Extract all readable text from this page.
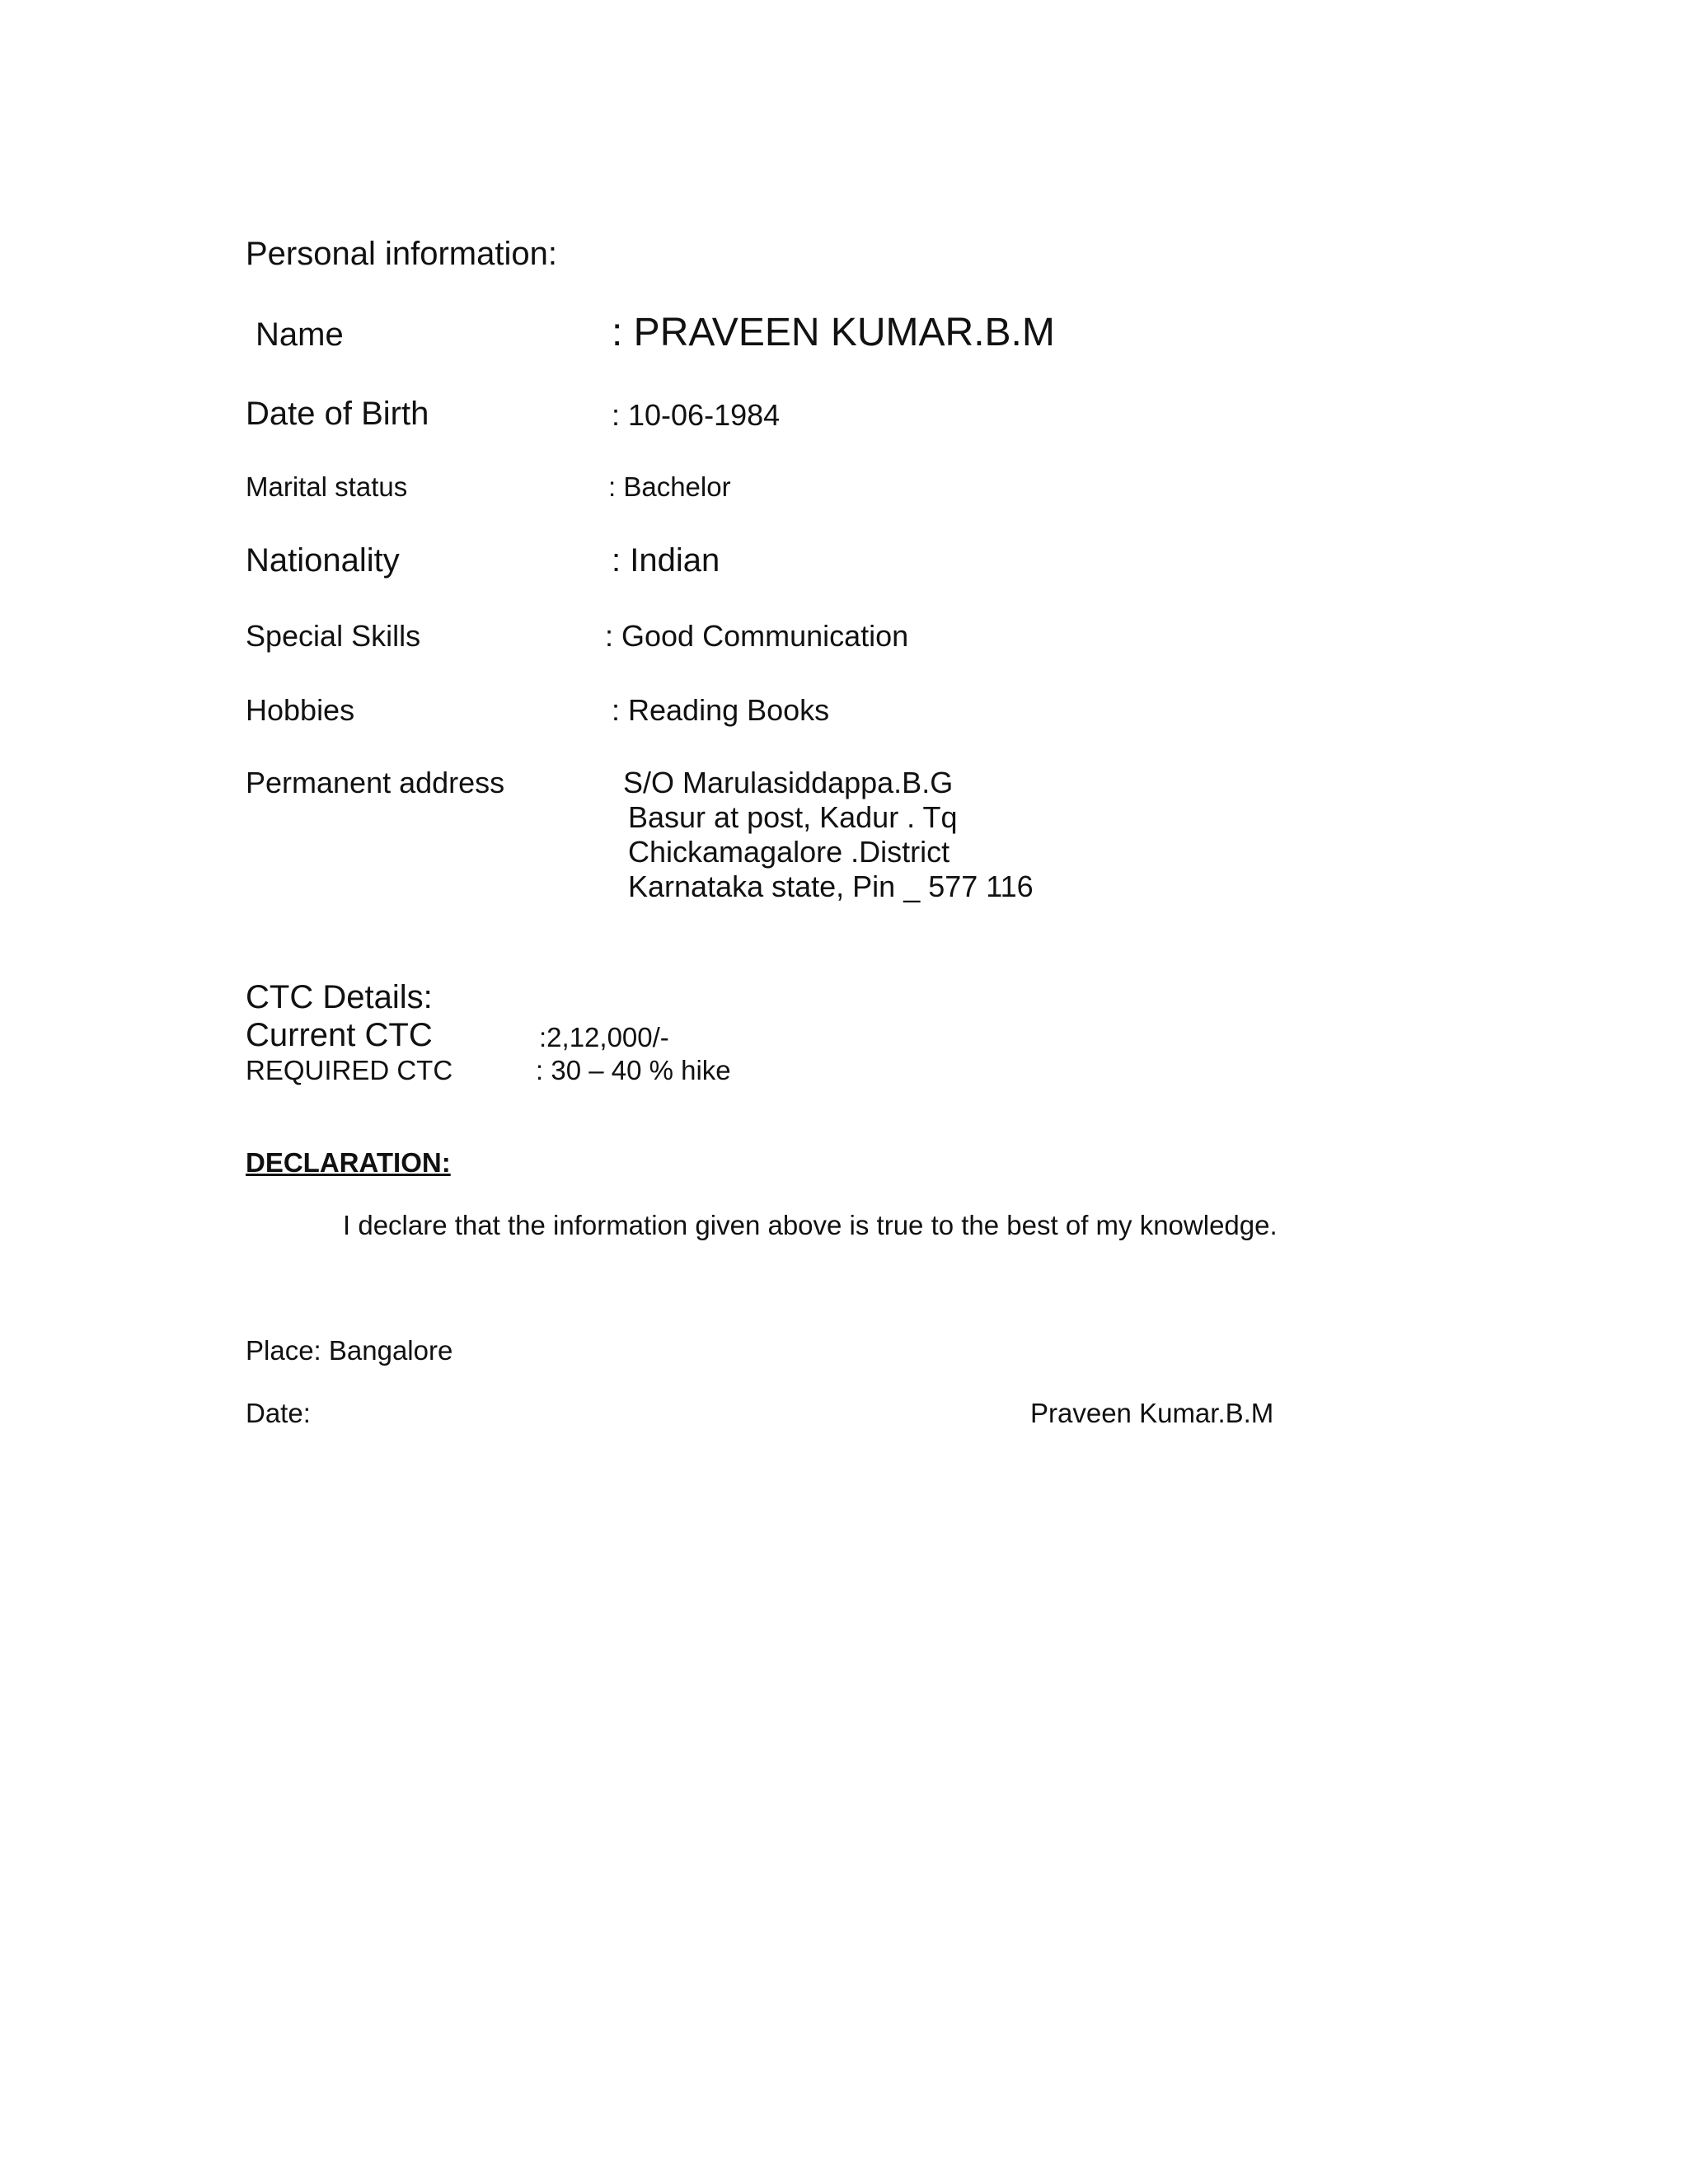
Personal information:
Name	: PRAVEEN KUMAR.B.M
Date of Birth	: 10-06-1984
Marital status	: Bachelor
Nationality	: Indian
Special Skills	: Good Communication
Hobbies	: Reading Books
Permanent address	S/O Marulasiddappa.B.G
Basur at post, Kadur . Tq
Chickamagalore .District
Karnataka state, Pin _ 577 116
CTC Details:
Current CTC	:2,12,000/-
REQUIRED CTC	: 30 – 40 % hike
DECLARATION:
I declare that the information given above is true to the best of my knowledge.
Place: Bangalore
Date:	Praveen Kumar.B.M
